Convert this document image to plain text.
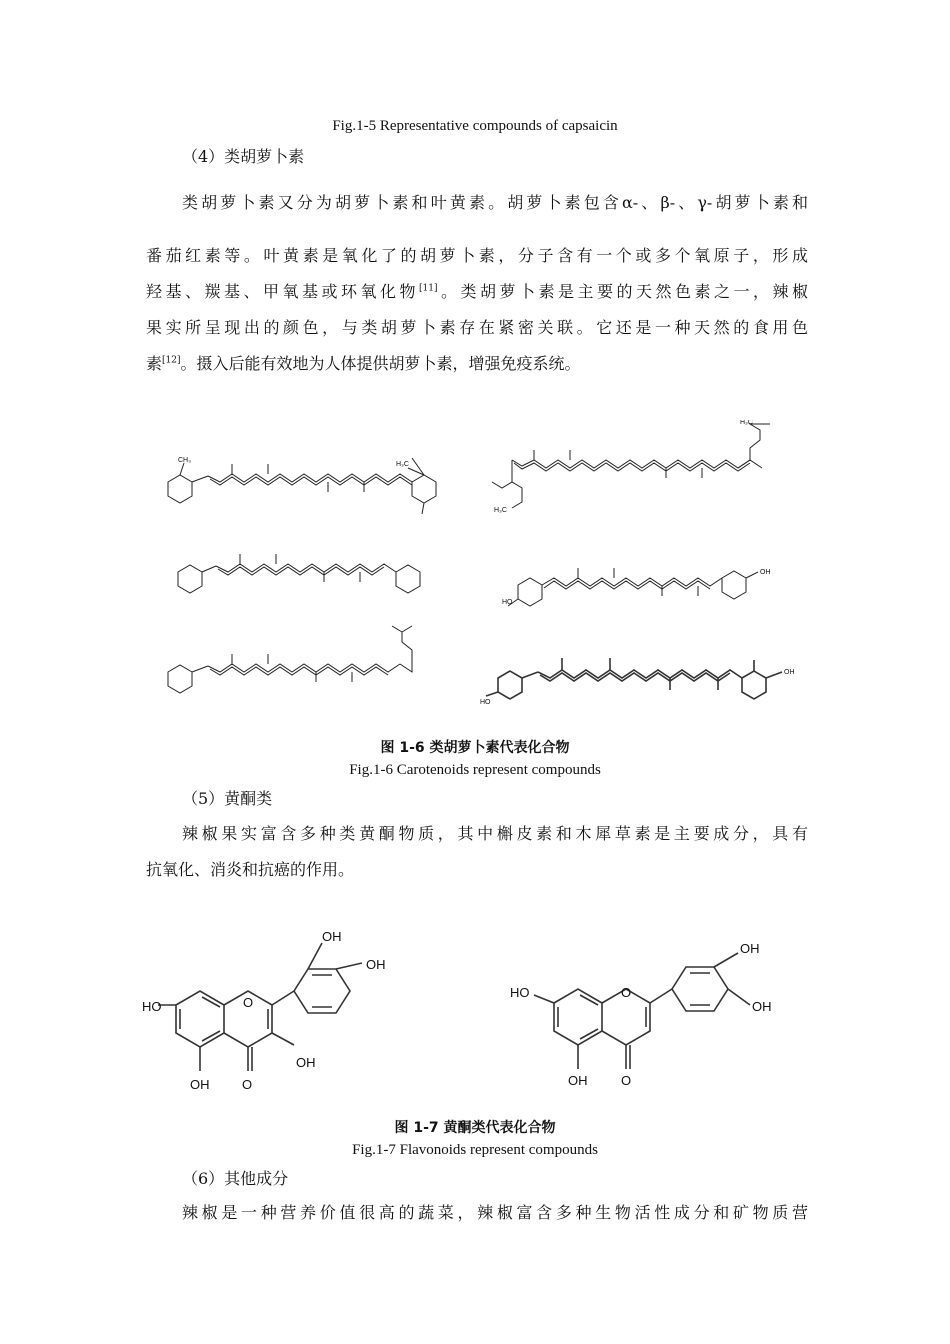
Fig.1-5 Representative compounds of capsaicin
（4）类胡萝卜素
类胡萝卜素又分为胡萝卜素和叶黄素。胡萝卜素包含α-、β-、γ-胡萝卜素和
番茄红素等。叶黄素是氧化了的胡萝卜素，分子含有一个或多个氧原子，形成
羟基、羰基、甲氧基或环氧化物[11]。类胡萝卜素是主要的天然色素之一，辣椒
果实所呈现出的颜色，与类胡萝卜素存在紧密关联。它还是一种天然的食用色
素[12]。摄入后能有效地为人体提供胡萝卜素，增强免疫系统。
CH₃
H₃C
H₃C
H₃C
HO
OH
HO
OH
图 1-6 类胡萝卜素代表化合物
Fig.1-6 Carotenoids represent compounds
（5）黄酮类
辣椒果实富含多种类黄酮物质，其中槲皮素和木犀草素是主要成分，具有
抗氧化、消炎和抗癌的作用。
HO	O
O
OH
OH
OH
OH
HO	O
O
OH
OH
OH
图 1-7 黄酮类代表化合物
Fig.1-7 Flavonoids represent compounds
（6）其他成分
辣椒是一种营养价值很高的蔬菜，辣椒富含多种生物活性成分和矿物质营
